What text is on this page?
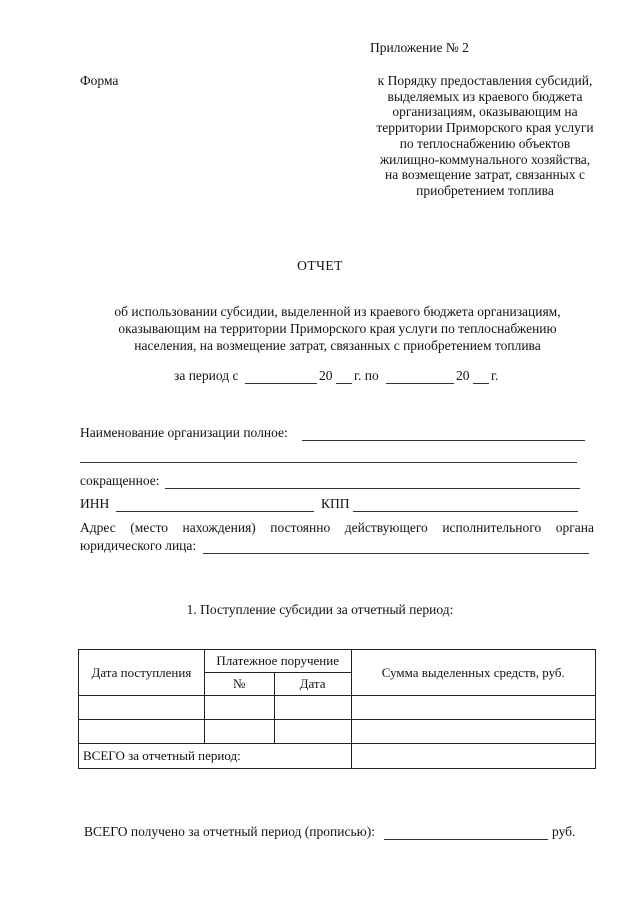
Приложение № 2
Форма	к Порядку предоставления субсидий,
выделяемых из краевого бюджета
организациям, оказывающим на
территории Приморского края услуги
по теплоснабжению объектов
жилищно-коммунального хозяйства,
на возмещение затрат, связанных с
приобретением топлива
ОТЧЕТ
об использовании субсидии, выделенной из краевого бюджета организациям,
оказывающим на территории Приморского края услуги по теплоснабжению
населения, на возмещение затрат, связанных с приобретением топлива
за период с	20 г. по	20 г.
Наименование организации полное:
сокращенное:
ИНН	КПП
Адрес (место нахождения) постоянно действующего исполнительного органа
юридического лица:
1. Поступление субсидии за отчетный период:
Дата поступления	Платежное поручение		Сумма выделенных средств, руб.
	№	Дата	

ВСЕГО за отчетный период:			
ВСЕГО получено за отчетный период (прописью):	руб.
